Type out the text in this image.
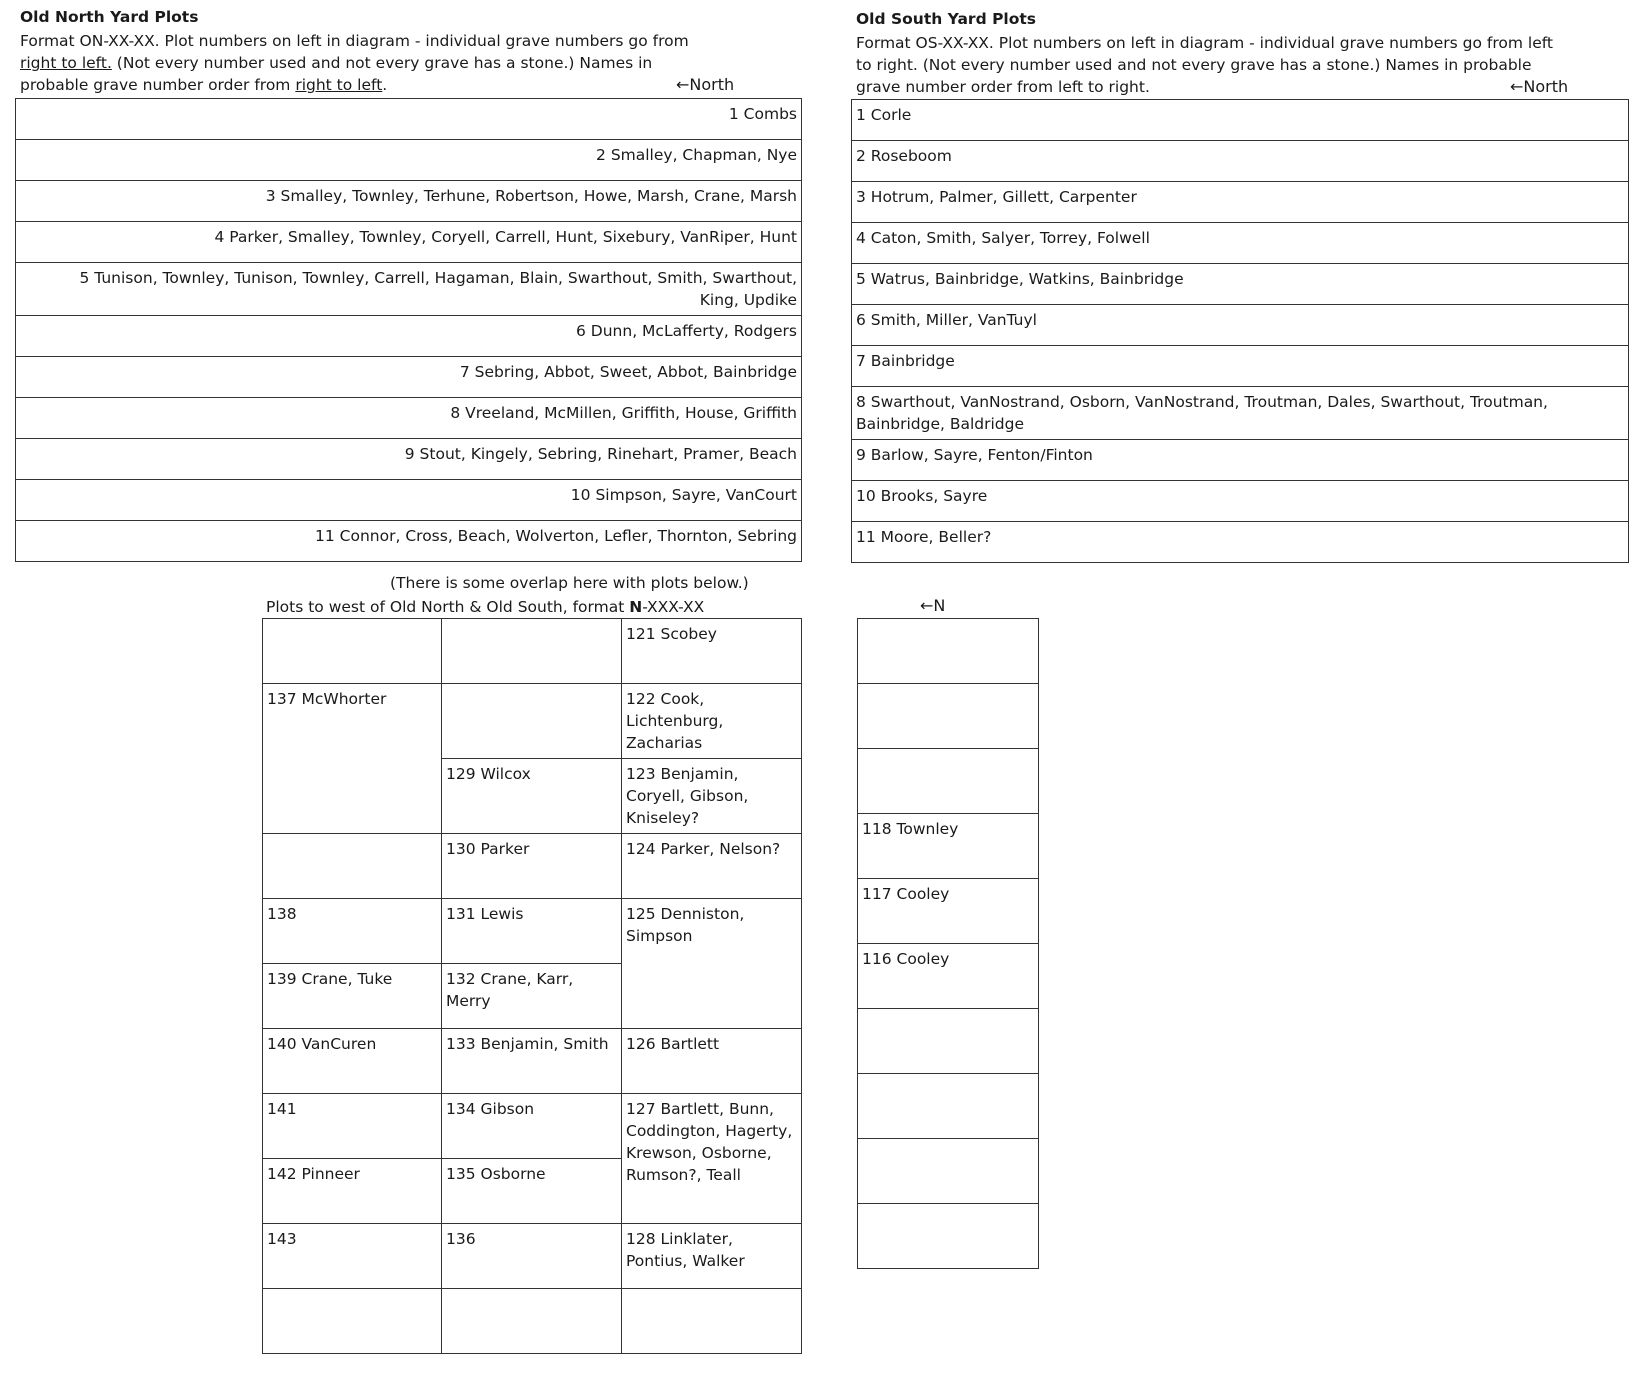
Old North Yard Plots
Format ON-XX-XX. Plot numbers on left in diagram - individual grave numbers go from right to left. (Not every number used and not every grave has a stone.) Names in probable grave number order from right to left.	←North
1 Combs
2 Smalley, Chapman, Nye
3 Smalley, Townley, Terhune, Robertson, Howe, Marsh, Crane, Marsh
4 Parker, Smalley, Townley, Coryell, Carrell, Hunt, Sixebury, VanRiper, Hunt
5 Tunison, Townley, Tunison, Townley, Carrell, Hagaman, Blain, Swarthout, Smith, Swarthout, King, Updike
6 Dunn, McLafferty, Rodgers
7 Sebring, Abbot, Sweet, Abbot, Bainbridge
8 Vreeland, McMillen, Griffith, House, Griffith
9 Stout, Kingely, Sebring, Rinehart, Pramer, Beach
10 Simpson, Sayre, VanCourt
11 Connor, Cross, Beach, Wolverton, Lefler, Thornton, Sebring
Old South Yard Plots
Format OS-XX-XX. Plot numbers on left in diagram - individual grave numbers go from left to right. (Not every number used and not every grave has a stone.) Names in probable grave number order from left to right.	←North
1 Corle
2 Roseboom
3 Hotrum, Palmer, Gillett, Carpenter
4 Caton, Smith, Salyer, Torrey, Folwell
5 Watrus, Bainbridge, Watkins, Bainbridge
6 Smith, Miller, VanTuyl
7 Bainbridge
8 Swarthout, VanNostrand, Osborn, VanNostrand, Troutman, Dales, Swarthout, Troutman, Bainbridge, Baldridge
9 Barlow, Sayre, Fenton/Finton
10 Brooks, Sayre
11 Moore, Beller?
(There is some overlap here with plots below.)
Plots to west of Old North & Old South, format N-XXX-XX	←N
		121 Scobey
137 McWhorter		122 Cook, Lichtenburg, Zacharias
	129 Wilcox	123 Benjamin, Coryell, Gibson, Kniseley?
	130 Parker	124 Parker, Nelson?
138	131 Lewis	125 Denniston, Simpson
139 Crane, Tuke	132 Crane, Karr, Merry	
140 VanCuren	133 Benjamin, Smith	126 Bartlett
141	134 Gibson	127 Bartlett, Bunn, Coddington, Hagerty, Krewson, Osborne, Rumson?, Teall
142 Pinneer	135 Osborne	
143	136	128 Linklater, Pontius, Walker

118 Townley
117 Cooley

116 Cooley
